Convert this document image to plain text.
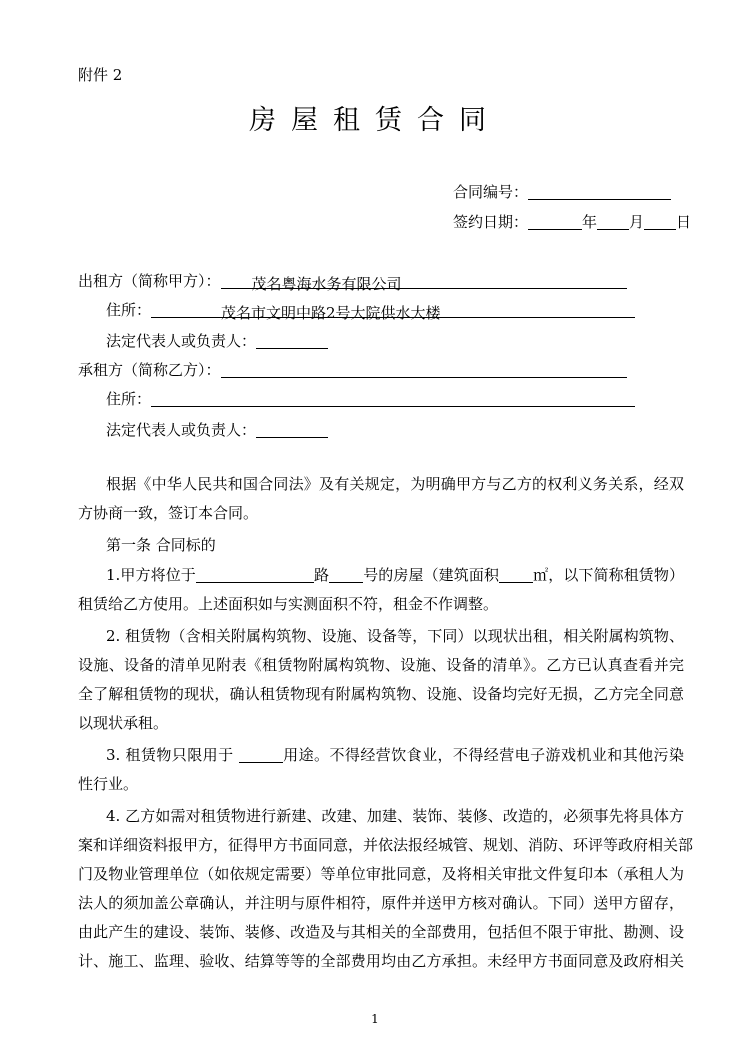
附件 2
房屋租赁合同
合同编号：
签约日期：	年 月 日
出租方（简称甲方）： 茂名粤海水务有限公司
住所：	茂名市文明中路2号大院供水大楼
法定代表人或负责人：
承租方（简称乙方）：
住所：
法定代表人或负责人：
根据《中华人民共和国合同法》及有关规定，为明确甲方与乙方的权利义务关系，经双
方协商一致，签订本合同。
第一条 合同标的
1.甲方将位于	路 号的房屋（建筑面积 ㎡，以下简称租赁物）
租赁给乙方使用。上述面积如与实测面积不符，租金不作调整。
2. 租赁物（含相关附属构筑物、设施、设备等，下同）以现状出租，相关附属构筑物、
设施、设备的清单见附表《租赁物附属构筑物、设施、设备的清单》。乙方已认真查看并完
全了解租赁物的现状，确认租赁物现有附属构筑物、设施、设备均完好无损，乙方完全同意
以现状承租。
3. 租赁物只限用于	用途。不得经营饮食业，不得经营电子游戏机业和其他污染
性行业。
4. 乙方如需对租赁物进行新建、改建、加建、装饰、装修、改造的，必须事先将具体方
案和详细资料报甲方，征得甲方书面同意，并依法报经城管、规划、消防、环评等政府相关部
门及物业管理单位（如依规定需要）等单位审批同意，及将相关审批文件复印本（承租人为
法人的须加盖公章确认，并注明与原件相符，原件并送甲方核对确认。下同）送甲方留存，
由此产生的建设、装饰、装修、改造及与其相关的全部费用，包括但不限于审批、勘测、设
计、施工、监理、验收、结算等等的全部费用均由乙方承担。未经甲方书面同意及政府相关
1
